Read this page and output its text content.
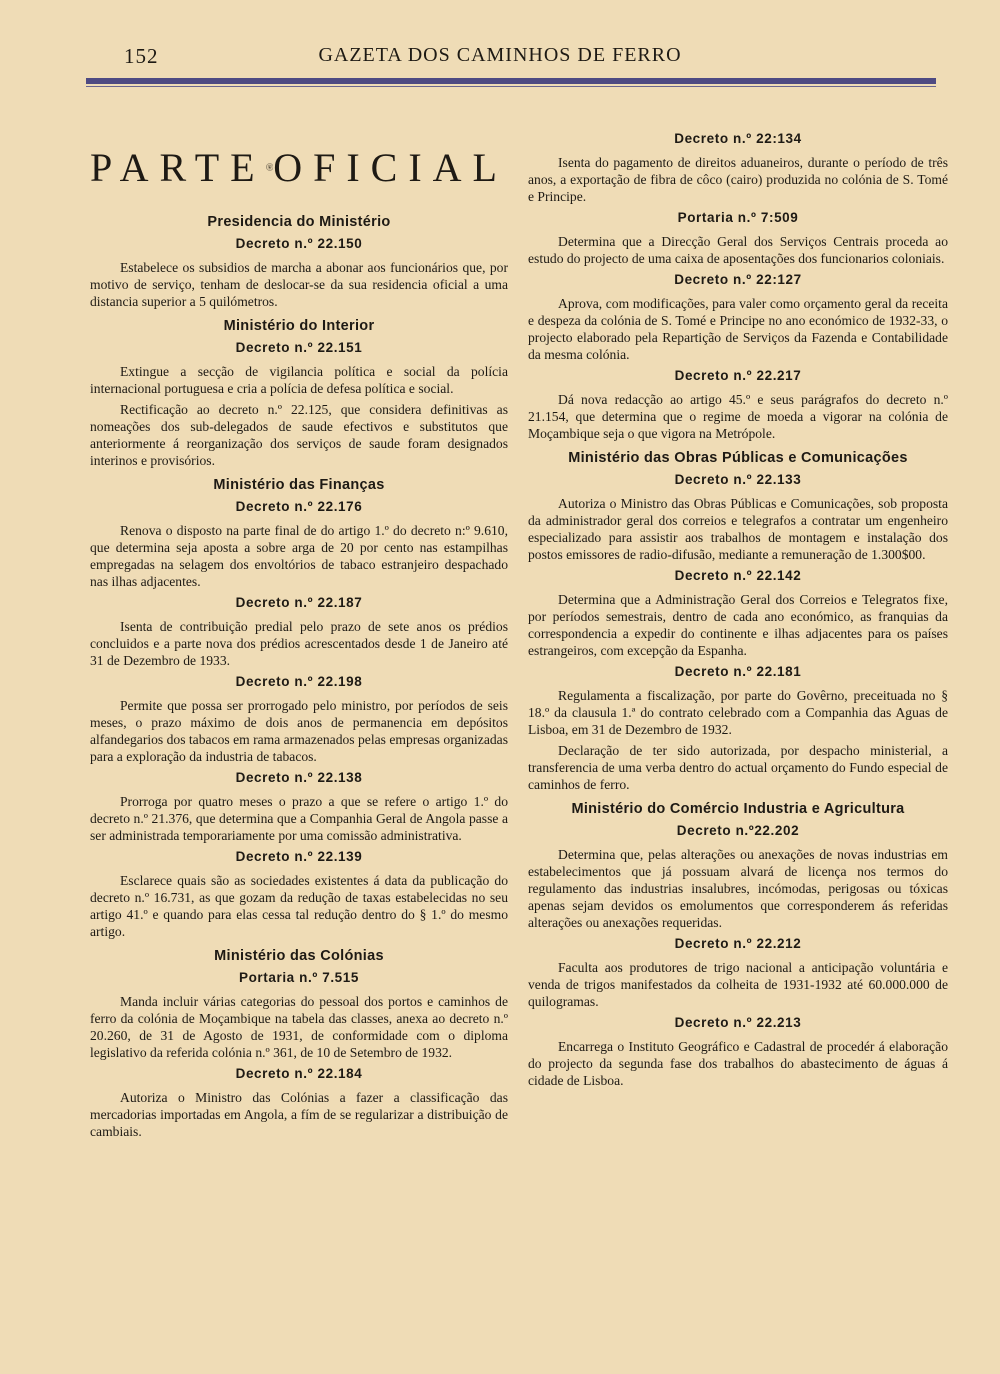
152	GAZETA DOS CAMINHOS DE FERRO
PARTE OFICIAL
Presidencia do Ministério
Decreto n.º 22.150

Estabelece os subsidios de marcha a abonar aos funcionários que, por motivo de serviço, tenham de deslocar-se da sua residencia oficial a uma distancia superior a 5 quilómetros.

Ministério do Interior
Decreto n.º 22.151

Extingue a secção de vigilancia política e social da polícia internacional portuguesa e cria a polícia de defesa política e social.

Rectificação ao decreto n.º 22.125, que considera definitivas as nomeações dos sub-delegados de saude efectivos e substitutos que anteriormente á reorganização dos serviços de saude foram designados interinos e provisórios.

Ministério das Finanças
Decreto n.º 22.176

Renova o disposto na parte final de do artigo 1.º do decreto n:º 9.610, que determina seja aposta a sobre arga de 20 por cento nas estampilhas empregadas na selagem dos envoltórios de tabaco estranjeiro despachado nas ilhas adjacentes.

Decreto n.º 22.187

Isenta de contribuição predial pelo prazo de sete anos os prédios concluidos e a parte nova dos prédios acrescentados desde 1 de Janeiro até 31 de Dezembro de 1933.

Decreto n.º 22.198

Permite que possa ser prorrogado pelo ministro, por períodos de seis meses, o prazo máximo de dois anos de permanencia em depósitos alfandegarios dos tabacos em rama armazenados pelas empresas organizadas para a exploração da industria de tabacos.

Decreto n.º 22.138

Prorroga por quatro meses o prazo a que se refere o artigo 1.º do decreto n.º 21.376, que determina que a Companhia Geral de Angola passe a ser administrada temporariamente por uma comissão administrativa.

Decreto n.º 22.139

Esclarece quais são as sociedades existentes á data da publicação do decreto n.º 16.731, as que gozam da redução de taxas estabelecidas no seu artigo 41.º e quando para elas cessa tal redução dentro do § 1.º do mesmo artigo.

Ministério das Colónias
Portaria n.º 7.515

Manda incluir várias categorias do pessoal dos portos e caminhos de ferro da colónia de Moçambique na tabela das classes, anexa ao decreto n.º 20.260, de 31 de Agosto de 1931, de conformidade com o diploma legislativo da referida colónia n.º 361, de 10 de Setembro de 1932.

Decreto n.º 22.184

Autoriza o Ministro das Colónias a fazer a classificação das mercadorias importadas em Angola, a fím de se regularizar a distribuição de cambiais.

Decreto n.º 22:134

Isenta do pagamento de direitos aduaneiros, durante o período de três anos, a exportação de fibra de côco (cairo) produzida no colónia de S. Tomé e Principe.

Portaria n.º 7:509

Determina que a Direcção Geral dos Serviços Centrais proceda ao estudo do projecto de uma caixa de aposentações dos funcionarios coloniais.

Decreto n.º 22:127

Aprova, com modificações, para valer como orçamento geral da receita e despeza da colónia de S. Tomé e Principe no ano económico de 1932-33, o projecto elaborado pela Repartição de Serviços da Fazenda e Contabilidade da mesma colónia.

Decreto n.º 22.217

Dá nova redacção ao artigo 45.º e seus parágrafos do decreto n.º 21.154, que determina que o regime de moeda a vigorar na colónia de Moçambique seja o que vigora na Metrópole.

Ministério das Obras Públicas e Comunicações
Decreto n.º 22.133

Autoriza o Ministro das Obras Públicas e Comunicações, sob proposta da administrador geral dos correios e telegrafos a contratar um engenheiro especializado para assistir aos trabalhos de montagem e instalação dos postos emissores de radio-difusão, mediante a remuneração de 1.300$00.

Decreto n.º 22.142

Determina que a Administração Geral dos Correios e Telegratos fixe, por períodos semestrais, dentro de cada ano económico, as franquias da correspondencia a expedir do continente e ilhas adjacentes para os países estrangeiros, com excepção da Espanha.

Decreto n.º 22.181

Regulamenta a fiscalização, por parte do Govêrno, preceituada no § 18.º da clausula 1.ª do contrato celebrado com a Companhia das Aguas de Lisboa, em 31 de Dezembro de 1932.

Declaração de ter sido autorizada, por despacho ministerial, a transferencia de uma verba dentro do actual orçamento do Fundo especial de caminhos de ferro.

Ministério do Comércio Industria e Agricultura
Decreto n.º22.202

Determina que, pelas alterações ou anexações de novas industrias em estabelecimentos que já possuam alvará de licença nos termos do regulamento das industrias insalubres, incómodas, perigosas ou tóxicas apenas sejam devidos os emolumentos que corresponderem ás referidas alterações ou anexações requeridas.

Decreto n.º 22.212

Faculta aos produtores de trigo nacional a anticipação voluntária e venda de trigos manifestados da colheita de 1931-1932 até 60.000.000 de quilogramas.

Decreto n.º 22.213

Encarrega o Instituto Geográfico e Cadastral de procedér á elaboração do projecto da segunda fase dos trabalhos do abastecimento de águas á cidade de Lisboa.
